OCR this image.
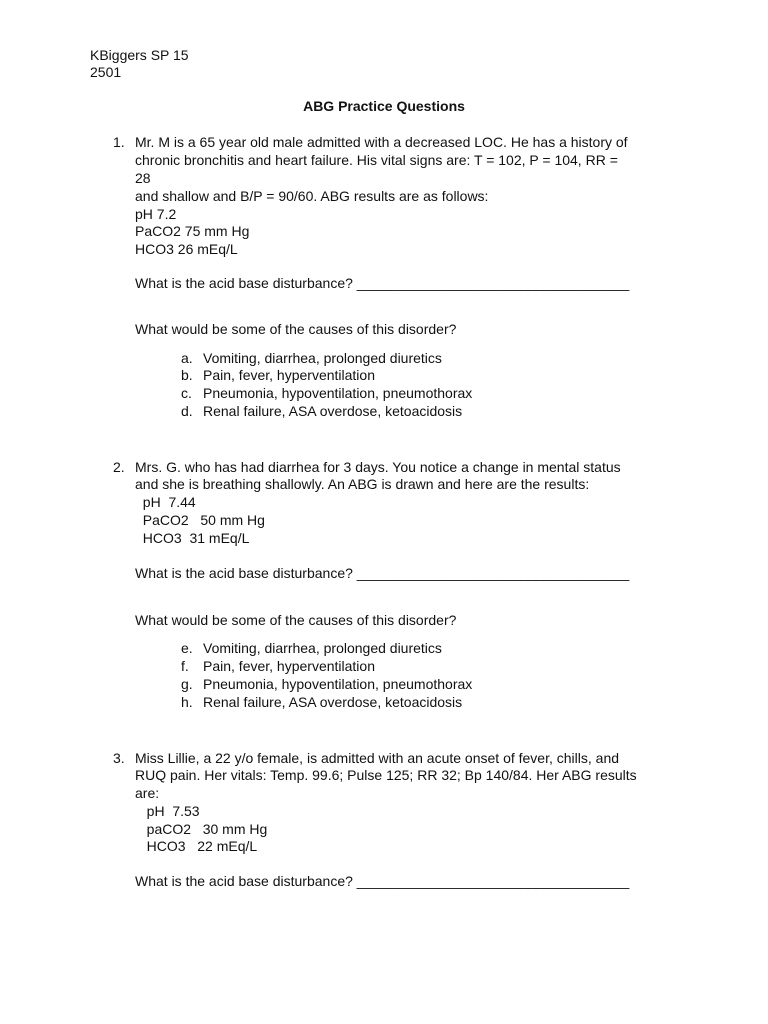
KBiggers SP 15
2501
ABG Practice Questions
1. Mr. M is a 65 year old male admitted with a decreased LOC. He has a history of
chronic bronchitis and heart failure. His vital signs are: T = 102, P = 104, RR =
28
and shallow and B/P = 90/60. ABG results are as follows:
pH 7.2
PaCO2 75 mm Hg
HCO3 26 mEq/L
What is the acid base disturbance? ___________________________________
What would be some of the causes of this disorder?
a. Vomiting, diarrhea, prolonged diuretics
b. Pain, fever, hyperventilation
c. Pneumonia, hypoventilation, pneumothorax
d. Renal failure, ASA overdose, ketoacidosis
2. Mrs. G. who has had diarrhea for 3 days. You notice a change in mental status
and she is breathing shallowly. An ABG is drawn and here are the results:
pH  7.44
PaCO2   50 mm Hg
HCO3  31 mEq/L
What is the acid base disturbance? ___________________________________
What would be some of the causes of this disorder?
e. Vomiting, diarrhea, prolonged diuretics
f. Pain, fever, hyperventilation
g. Pneumonia, hypoventilation, pneumothorax
h. Renal failure, ASA overdose, ketoacidosis
3. Miss Lillie, a 22 y/o female, is admitted with an acute onset of fever, chills, and
RUQ pain. Her vitals: Temp. 99.6; Pulse 125; RR 32; Bp 140/84. Her ABG results
are:
pH  7.53
paCO2   30 mm Hg
HCO3   22 mEq/L
What is the acid base disturbance? ___________________________________
